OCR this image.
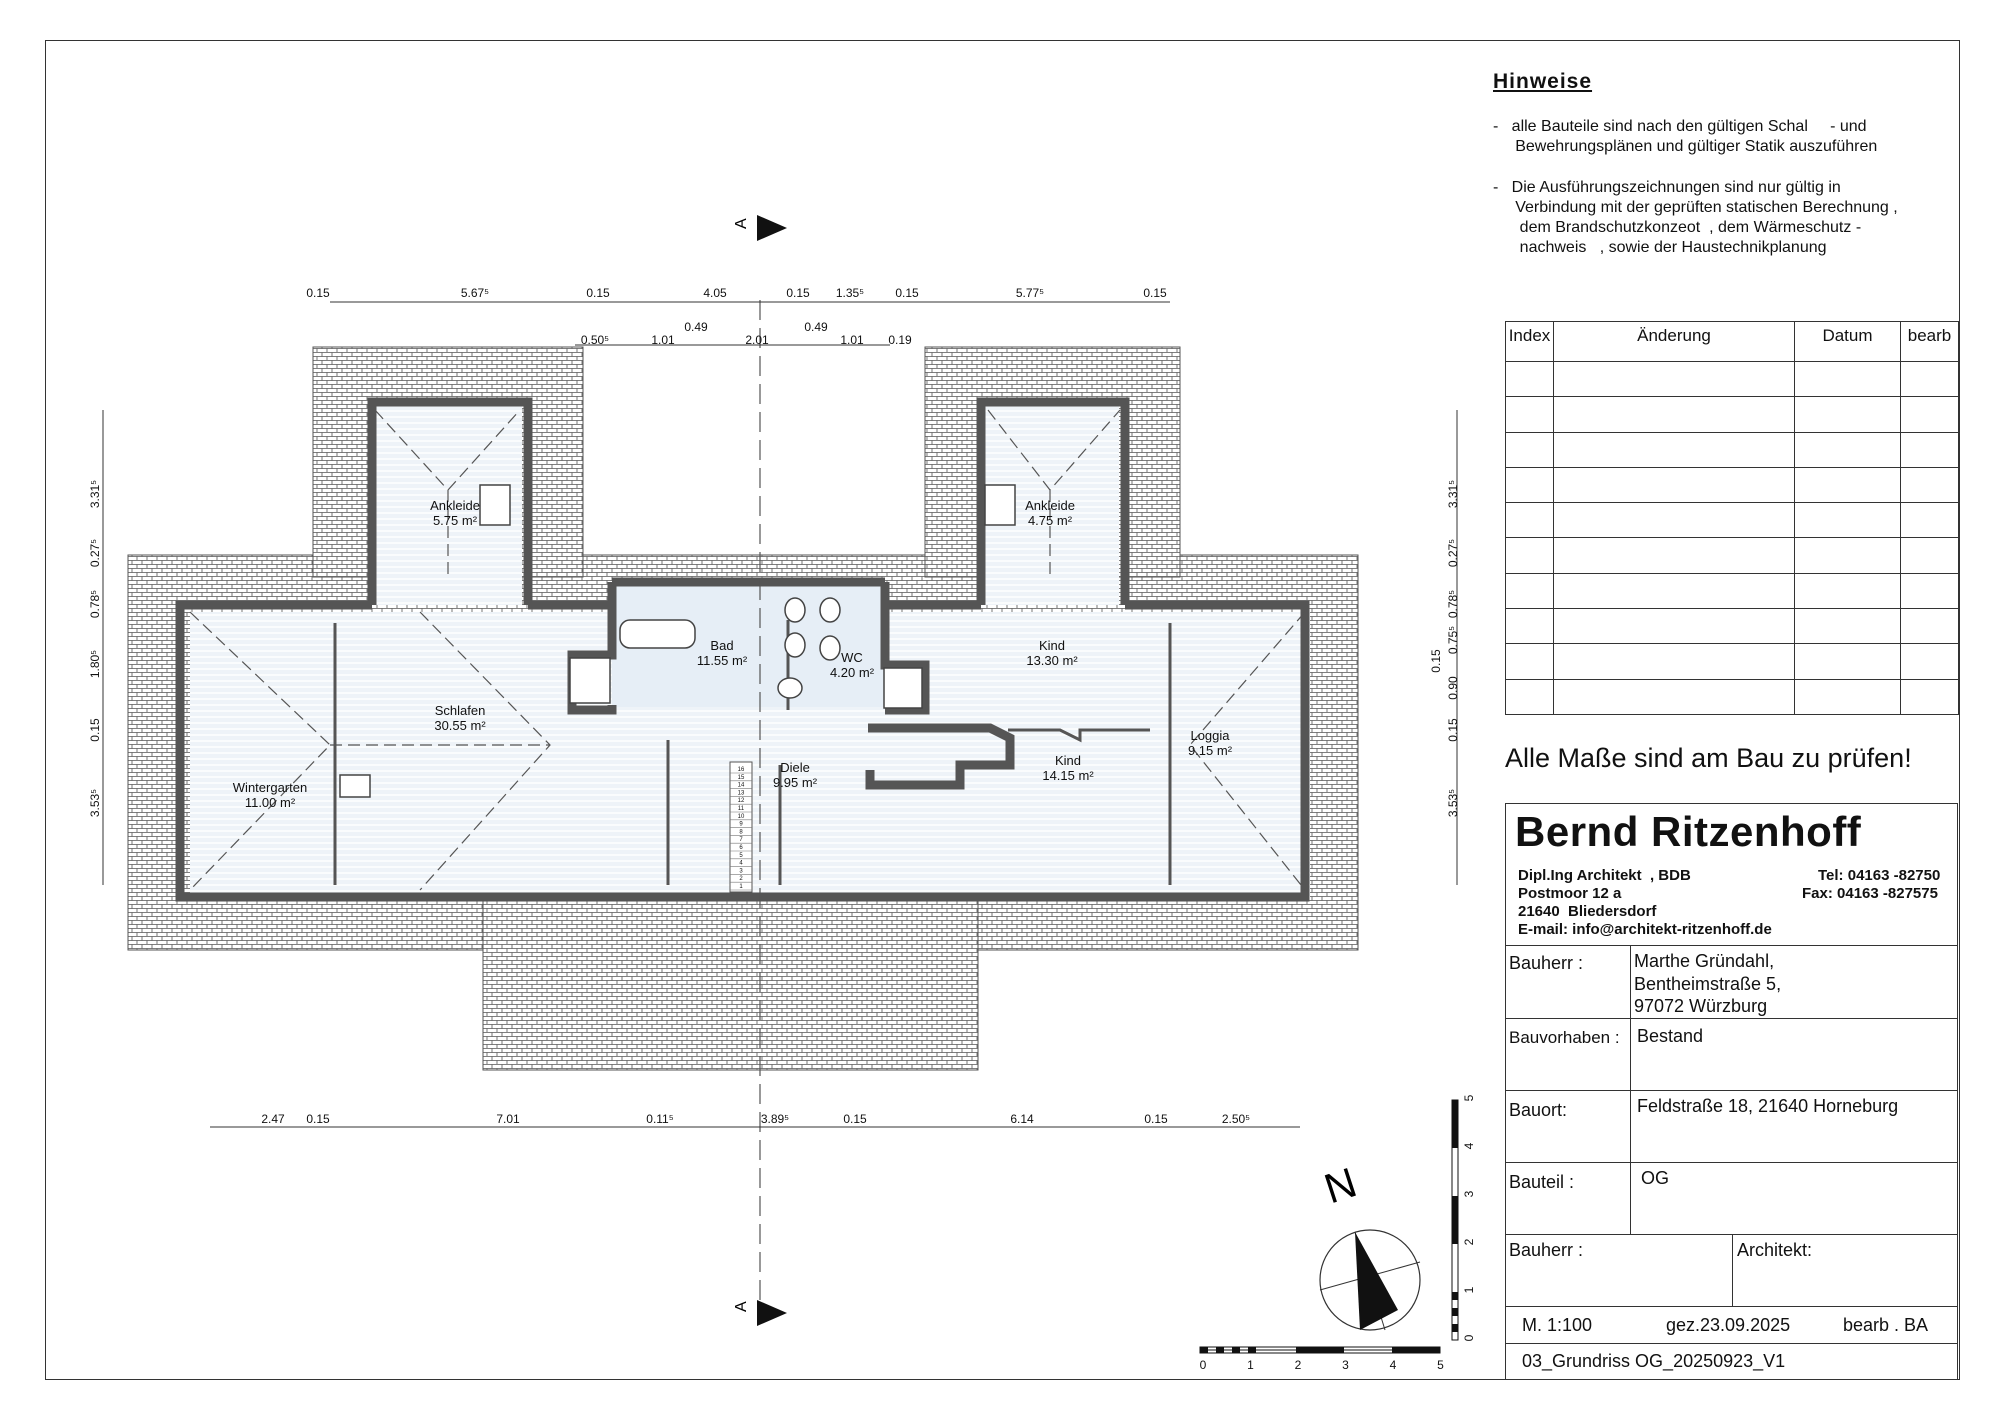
16
15
14
13
12
11
10
9
8
7
6
5
4
3
2
1
Ankleide
5.75 m²
Ankleide
4.75 m²
Bad
11.55 m²	WC
4.20 m²
Kind
13.30 m²
Schlafen
30.55 m²
Wintergarten
11.00 m²
Diele
9.95 m²
Kind
14.15 m²
Loggia
9.15 m²
0.15	5.67⁵	0.15	4.05	0.15 1.35⁵	0.15	5.77⁵	0.15
0.50⁵	1.01
0.49
2.01
0.49
1.01 0.19
2.47 0.15	7.01	0.11⁵	3.89⁵	0.15	6.14	0.15	2.50⁵
3.31⁵
0.27⁵
0.78⁵
1.80⁵
0.15
3.53⁵
3.31⁵
0.27⁵
0.78⁵
0.75⁵
0.90
0.15
0.15
3.53⁵
A
A
N
0	1	2	3	4	5
0
1
2
3
4
5
Hinweise
-   alle Bauteile sind nach den gültigen Schal     - und
Bewehrungsplänen und gültiger Statik auszuführen
-   Die Ausführungszeichnungen sind nur gültig in
Verbindung mit der geprüften statischen Berechnung ,
dem Brandschutzkonzeot  , dem Wärmeschutz -
nachweis   , sowie der Haustechnikplanung
Index	Änderung	Datum	bearb

Alle Maße sind am Bau zu prüfen!
Bernd Ritzenhoff
Dipl.Ing Architekt  , BDB
Postmoor 12 a
21640  Bliedersdorf
E-mail: info@architekt-ritzenhoff.de
Tel: 04163 -82750
Fax: 04163 -827575
Bauherr :	Marthe Gründahl,
Bentheimstraße 5,
97072 Würzburg
Bauvorhaben : Bestand
Bauort:	Feldstraße 18, 21640 Horneburg
Bauteil :	OG
Bauherr :	Architekt:
M. 1:100	gez.23.09.2025	bearb . BA
03_Grundriss OG_20250923_V1
